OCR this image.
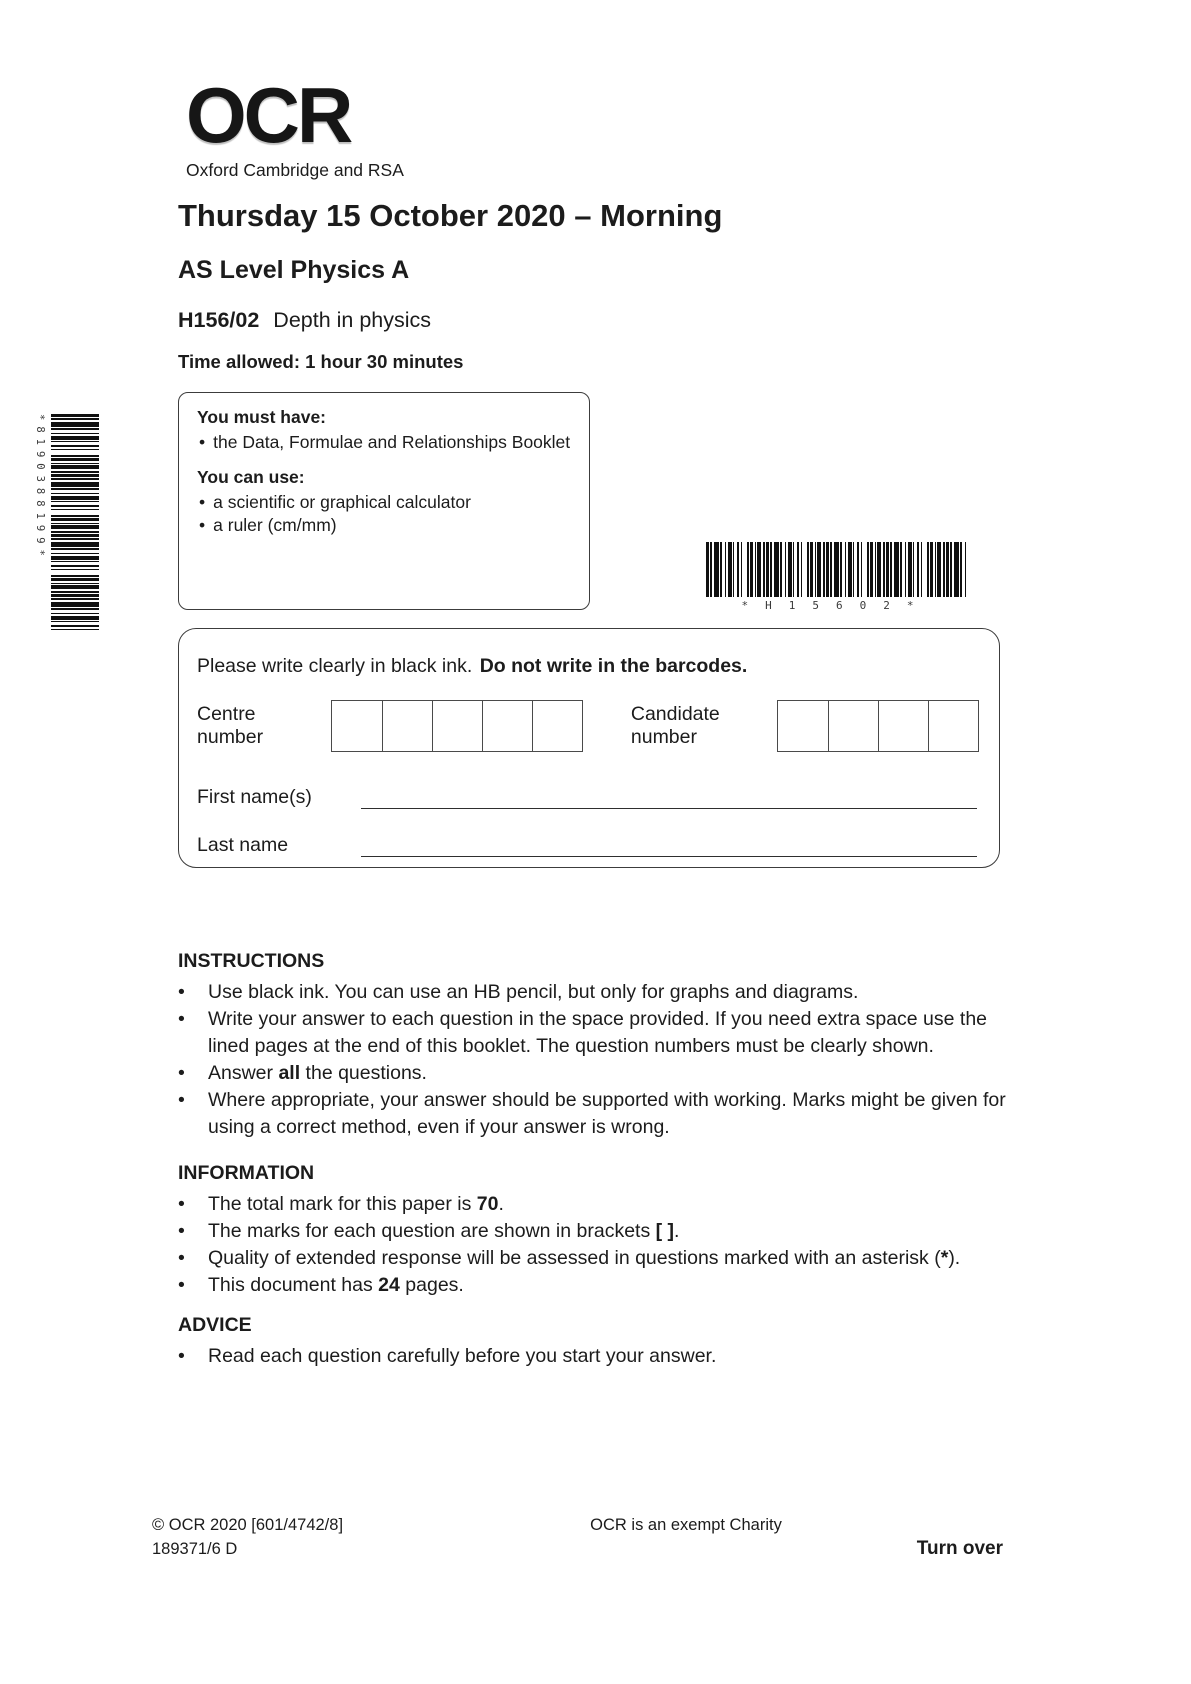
OCR
Oxford Cambridge and RSA
Thursday 15 October 2020 – Morning
AS Level Physics A
H156/02 Depth in physics
Time allowed: 1 hour 30 minutes
You must have:
• the Data, Formulae and Relationships Booklet
You can use:
• a scientific or graphical calculator
• a ruler (cm/mm)
*8190388199*
*H15602*
Please write clearly in black ink. Do not write in the barcodes.
Centre number
Candidate number
First name(s)
Last name
INSTRUCTIONS
•	Use black ink. You can use an HB pencil, but only for graphs and diagrams.
•	Write your answer to each question in the space provided. If you need extra space use the lined pages at the end of this booklet. The question numbers must be clearly shown.
•	Answer all the questions.
•	Where appropriate, your answer should be supported with working. Marks might be given for using a correct method, even if your answer is wrong.
INFORMATION
•	The total mark for this paper is 70.
•	The marks for each question are shown in brackets [ ].
•	Quality of extended response will be assessed in questions marked with an asterisk (*).
•	This document has 24 pages.
ADVICE
•	Read each question carefully before you start your answer.
© OCR 2020 [601/4742/8]	OCR is an exempt Charity
189371/6 D	Turn over
